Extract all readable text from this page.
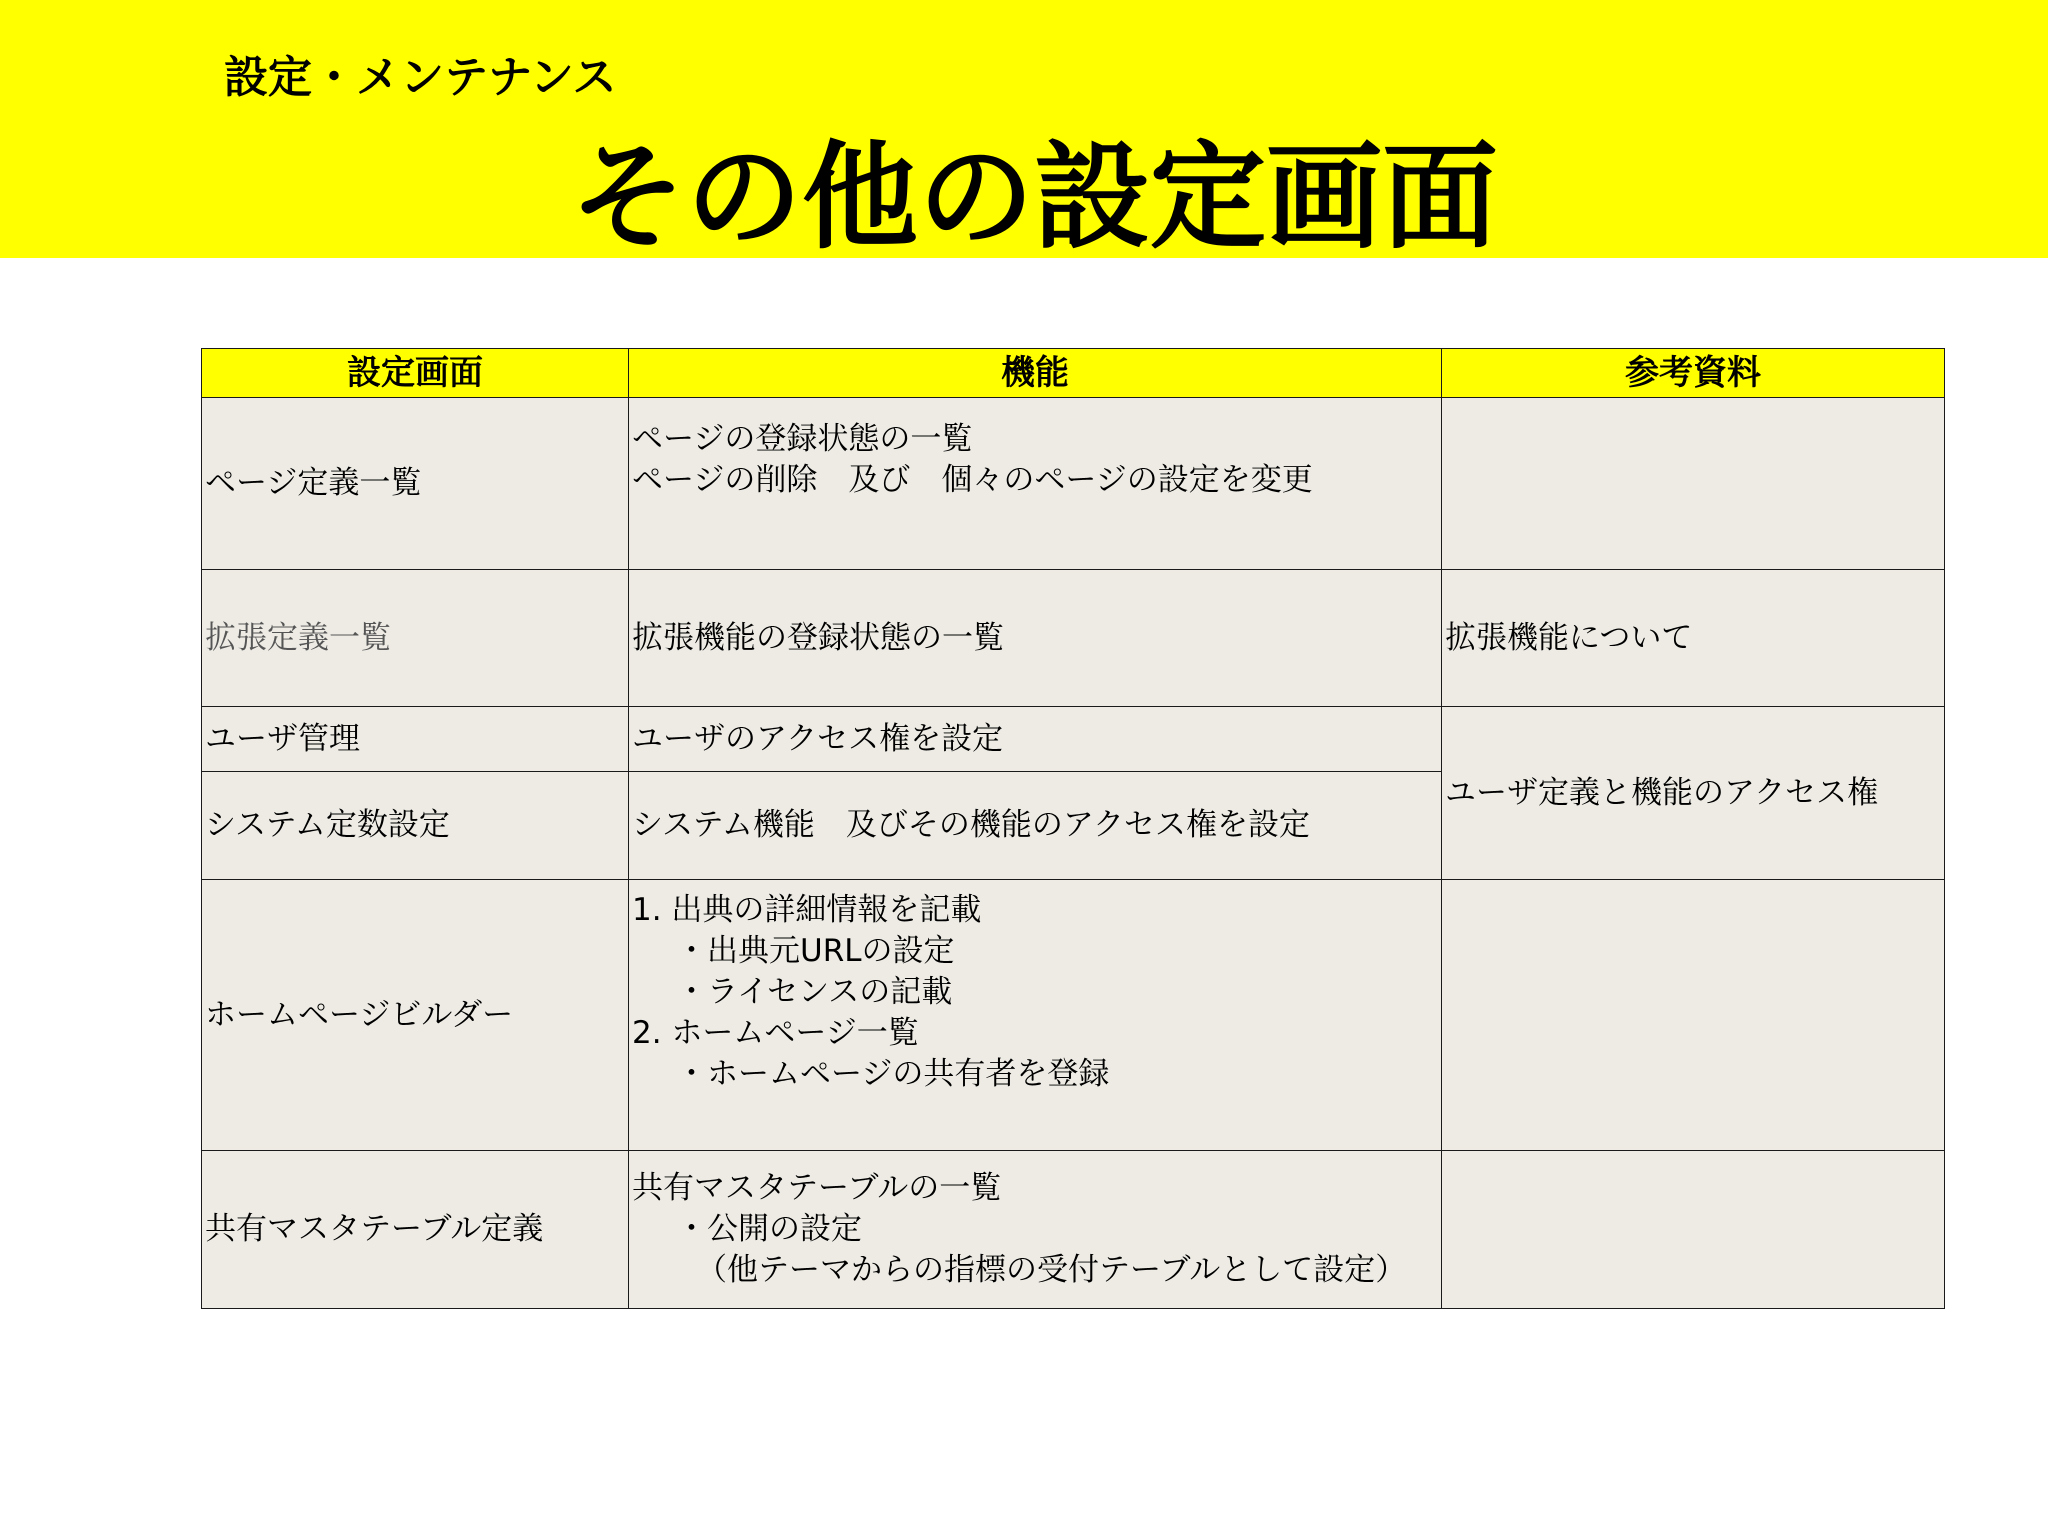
設定・メンテナンス
その他の設定画面
設定画面	機能	参考資料

ページ定義一覧	ページの登録状態の一覧
ページの削除　及び　個々のページの設定を変更	

拡張定義一覧	拡張機能の登録状態の一覧	拡張機能について

ユーザ管理	ユーザのアクセス権を設定	ユーザ定義と機能のアクセス権

システム定数設定	システム機能　及びその機能のアクセス権を設定	

ホームページビルダー	1. 出典の詳細情報を記載
・出典元URLの設定
・ライセンスの記載
2. ホームページ一覧
・ホームページの共有者を登録	

共有マスタテーブル定義	共有マスタテーブルの一覧
・公開の設定
（他テーマからの指標の受付テーブルとして設定）	
